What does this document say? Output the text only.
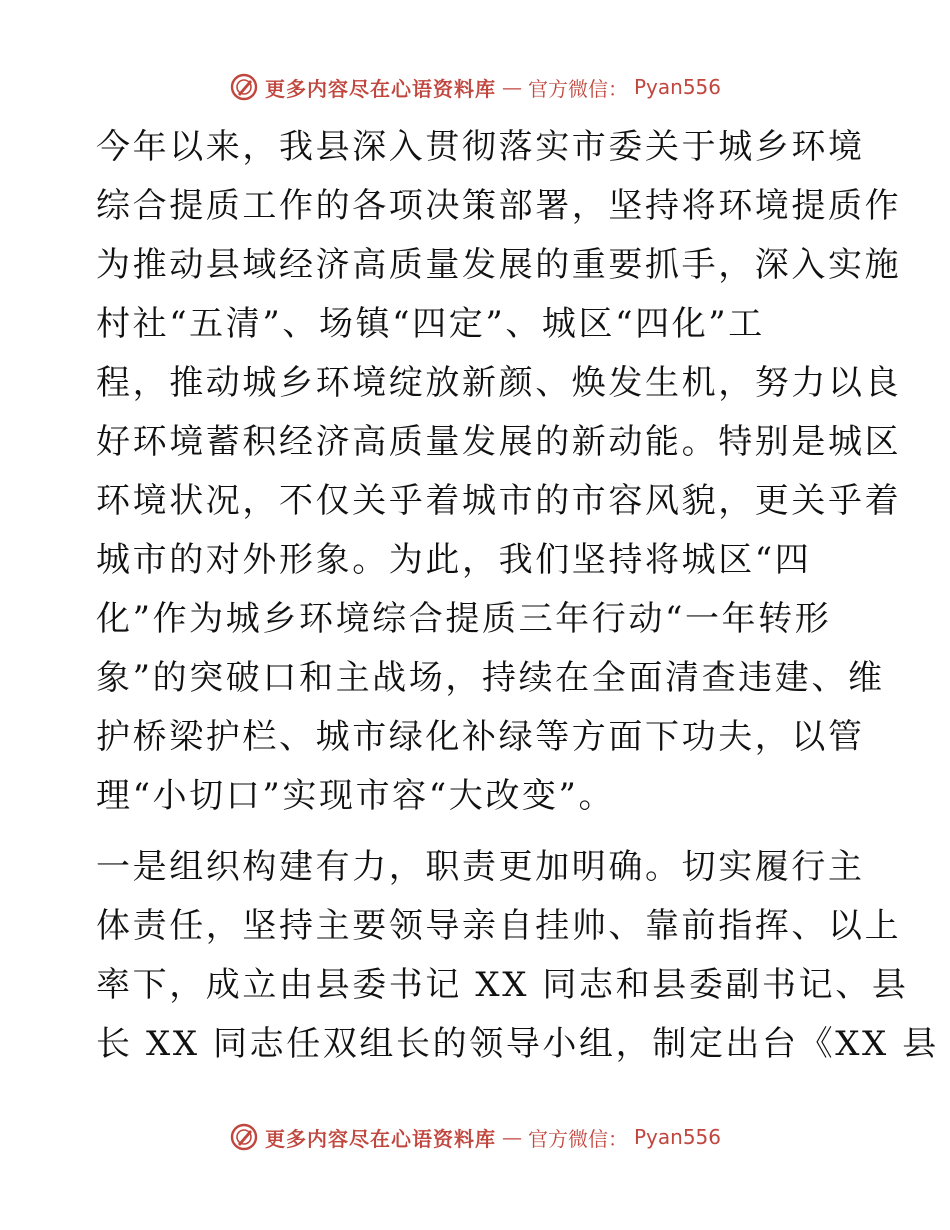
更多内容尽在心语资料库 — 官方微信： Pyan556
今年以来，我县深入贯彻落实市委关于城乡环境
综合提质工作的各项决策部署，坚持将环境提质作
为推动县域经济高质量发展的重要抓手，深入实施
村社“五清”、场镇“四定”、城区“四化”工
程，推动城乡环境绽放新颜、焕发生机，努力以良
好环境蓄积经济高质量发展的新动能。特别是城区
环境状况，不仅关乎着城市的市容风貌，更关乎着
城市的对外形象。为此，我们坚持将城区“四
化”作为城乡环境综合提质三年行动“一年转形
象”的突破口和主战场，持续在全面清查违建、维
护桥梁护栏、城市绿化补绿等方面下功夫，以管
理“小切口”实现市容“大改变”。
一是组织构建有力，职责更加明确。切实履行主
体责任，坚持主要领导亲自挂帅、靠前指挥、以上
率下，成立由县委书记 XX 同志和县委副书记、县
长 XX 同志任双组长的领导小组，制定出台《XX 县
更多内容尽在心语资料库 — 官方微信： Pyan556
